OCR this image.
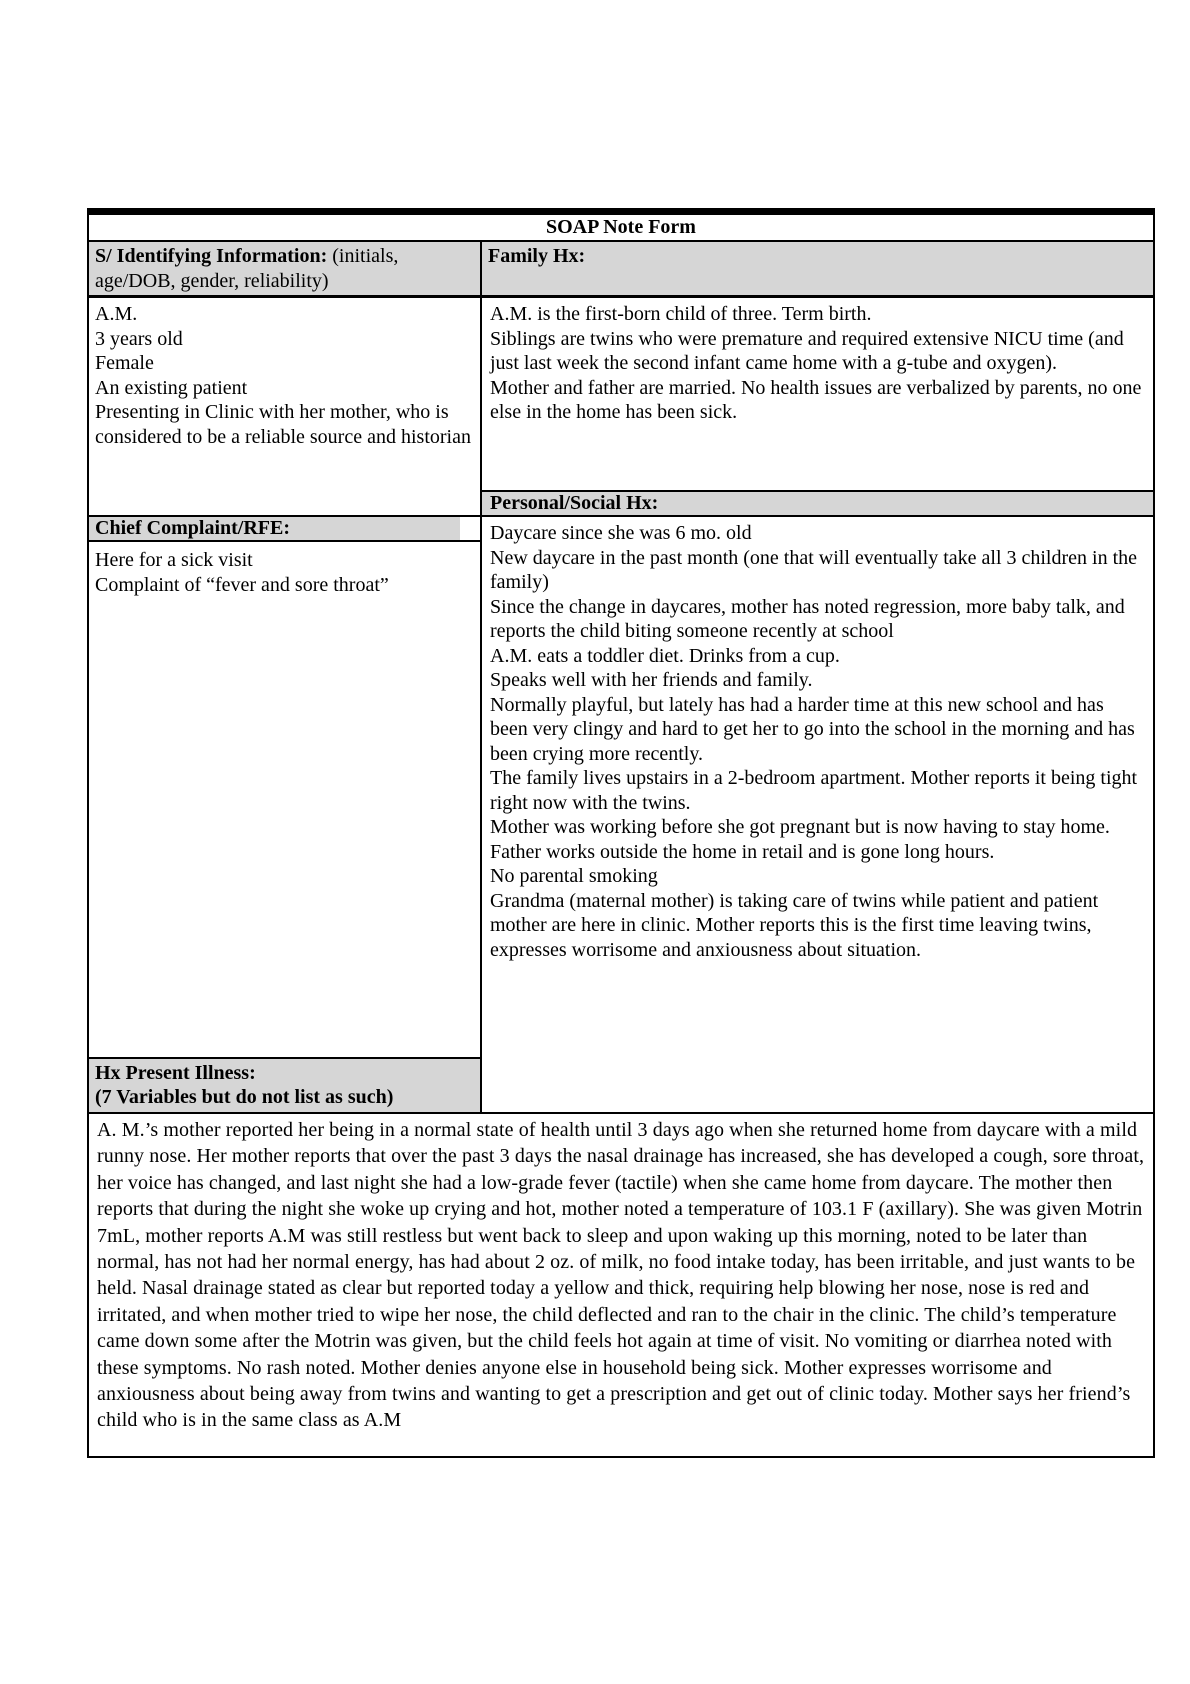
SOAP Note Form
S/ Identifying Information: (initials, age/DOB, gender, reliability)
Family Hx:

A.M.

3 years old

Female

An existing patient

Presenting in Clinic with her mother, who is considered to be a reliable source and historian

Chief Complaint/RFE:

Here for a sick visit

Complaint of “fever and sore throat”

Hx Present Illness:
(7 Variables but do not list as such)

A.M. is the first-born child of three. Term birth.

Siblings are twins who were premature and required extensive NICU time (and just last week the second infant came home with a g-tube and oxygen).

Mother and father are married. No health issues are verbalized by parents, no one else in the home has been sick.

Personal/Social Hx:

Daycare since she was 6 mo. old

New daycare in the past month (one that will eventually take all 3 children in the family)

Since the change in daycares, mother has noted regression, more baby talk, and reports the child biting someone recently at school

A.M. eats a toddler diet. Drinks from a cup.

Speaks well with her friends and family.

Normally playful, but lately has had a harder time at this new school and has been very clingy and hard to get her to go into the school in the morning and has been crying more recently.

The family lives upstairs in a 2-bedroom apartment. Mother reports it being tight right now with the twins.

Mother was working before she got pregnant but is now having to stay home.

Father works outside the home in retail and is gone long hours.

No parental smoking

Grandma (maternal mother) is taking care of twins while patient and patient mother are here in clinic. Mother reports this is the first time leaving twins, expresses worrisome and anxiousness about situation.

A. M.’s mother reported her being in a normal state of health until 3 days ago when she returned home from daycare with a mild runny nose. Her mother reports that over the past 3 days the nasal drainage has increased, she has developed a cough, sore throat, her voice has changed, and last night she had a low-grade fever (tactile) when she came home from daycare. The mother then reports that during the night she woke up crying and hot, mother noted a temperature of 103.1 F (axillary). She was given Motrin 7mL, mother reports A.M was still restless but went back to sleep and upon waking up this morning, noted to be later than normal, has not had her normal energy, has had about 2 oz. of milk, no food intake today, has been irritable, and just wants to be held. Nasal drainage stated as clear but reported today a yellow and thick, requiring help blowing her nose, nose is red and irritated, and when mother tried to wipe her nose, the child deflected and ran to the chair in the clinic. The child’s temperature came down some after the Motrin was given, but the child feels hot again at time of visit. No vomiting or diarrhea noted with these symptoms. No rash noted. Mother denies anyone else in household being sick. Mother expresses worrisome and anxiousness about being away from twins and wanting to get a prescription and get out of clinic today. Mother says her friend’s child who is in the same class as A.M
